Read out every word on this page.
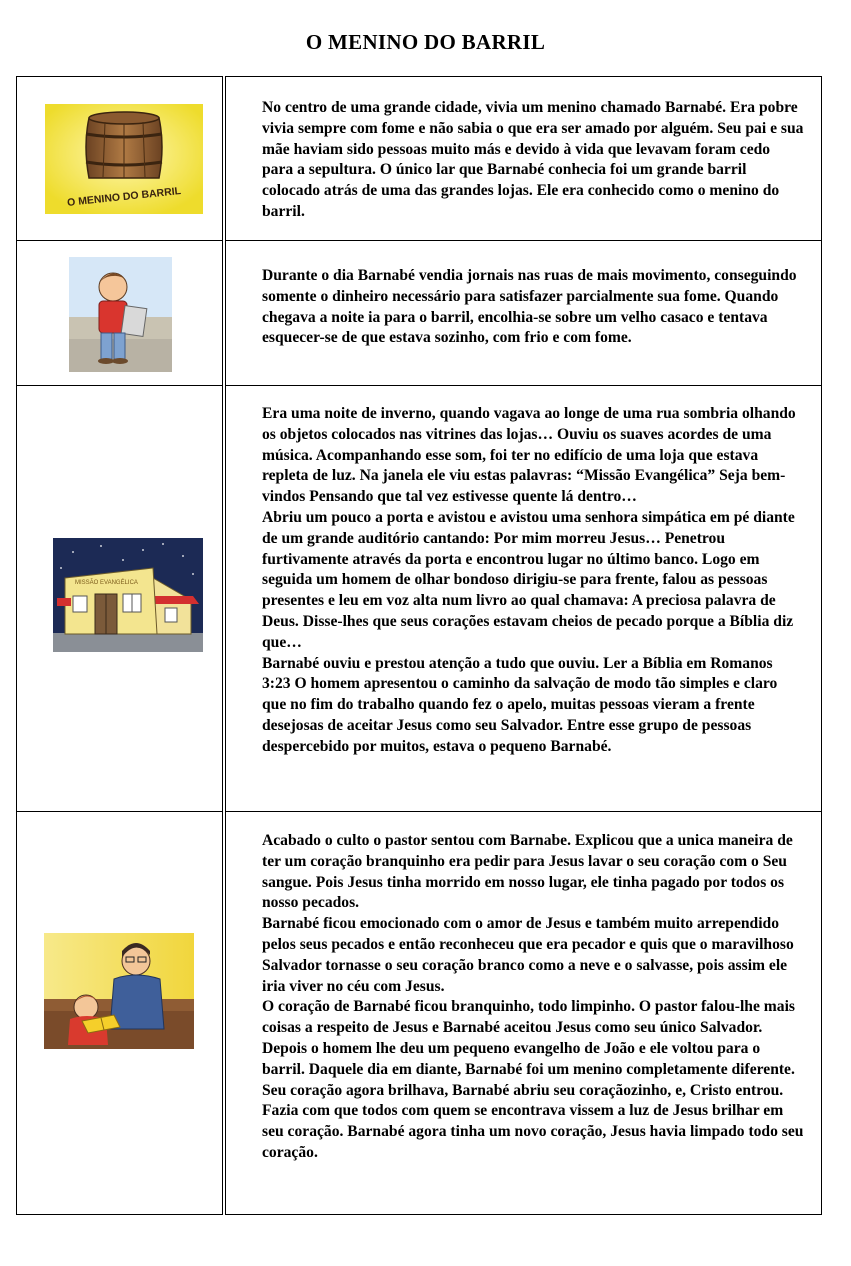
O MENINO DO BARRIL
O MENINO DO BARRIL

No centro de uma grande cidade, vivia um menino chamado Barnabé. Era pobre vivia sempre com fome e não sabia o que era ser amado por alguém. Seu pai e sua mãe haviam sido pessoas muito más e devido à vida que levavam foram cedo para a sepultura. O único lar que Barnabé conhecia foi um grande barril colocado atrás de uma das grandes lojas. Ele era conhecido como o menino do barril.

Durante o dia Barnabé vendia jornais nas ruas de mais movimento, conseguindo somente o dinheiro necessário para satisfazer parcialmente sua fome. Quando chegava a noite ia para o barril, encolhia-se sobre um velho casaco e tentava esquecer-se de que estava sozinho, com frio e com fome.

MISSÃO EVANGÉLICA

Era uma noite de inverno, quando vagava ao longe de uma rua sombria olhando os objetos colocados nas vitrines das lojas… Ouviu os suaves acordes de uma música. Acompanhando esse som, foi ter no edifício de uma loja que estava repleta de luz. Na janela ele viu estas palavras: “Missão Evangélica” Seja bem-vindos Pensando que tal vez estivesse quente lá dentro…

Abriu um pouco a porta e avistou e avistou uma senhora simpática em pé diante de um grande auditório cantando: Por mim morreu Jesus… Penetrou furtivamente através da porta e encontrou lugar no último banco. Logo em seguida um homem de olhar bondoso dirigiu-se para frente, falou as pessoas presentes e leu em voz alta num livro ao qual chamava: A preciosa palavra de Deus. Disse-lhes que seus corações estavam cheios de pecado porque a Bíblia diz que…

Barnabé ouviu e prestou atenção a tudo que ouviu. Ler a Bíblia em Romanos 3:23 O homem apresentou o caminho da salvação de modo tão simples e claro que no fim do trabalho quando fez o apelo, muitas pessoas vieram a frente desejosas de aceitar Jesus como seu Salvador. Entre esse grupo de pessoas despercebido por muitos, estava o pequeno Barnabé.

Acabado o culto o pastor sentou com Barnabe. Explicou que a unica maneira de ter um coração branquinho era pedir para Jesus lavar o seu coração com o Seu sangue. Pois Jesus tinha morrido em nosso lugar, ele tinha pagado por todos os nosso pecados.

Barnabé ficou emocionado com o amor de Jesus e também muito arrependido pelos seus pecados e então reconheceu que era pecador e quis que o maravilhoso Salvador tornasse o seu coração branco como a neve e o salvasse, pois assim ele iria viver no céu com Jesus.

O coração de Barnabé ficou branquinho, todo limpinho. O pastor falou-lhe mais coisas a respeito de Jesus e Barnabé aceitou Jesus como seu único Salvador. Depois o homem lhe deu um pequeno evangelho de João e ele voltou para o barril. Daquele dia em diante, Barnabé foi um menino completamente diferente.

Seu coração agora brilhava, Barnabé abriu seu coraçãozinho, e, Cristo entrou.

Fazia com que todos com quem se encontrava vissem a luz de Jesus brilhar em seu coração. Barnabé agora tinha um novo coração, Jesus havia limpado todo seu coração.
